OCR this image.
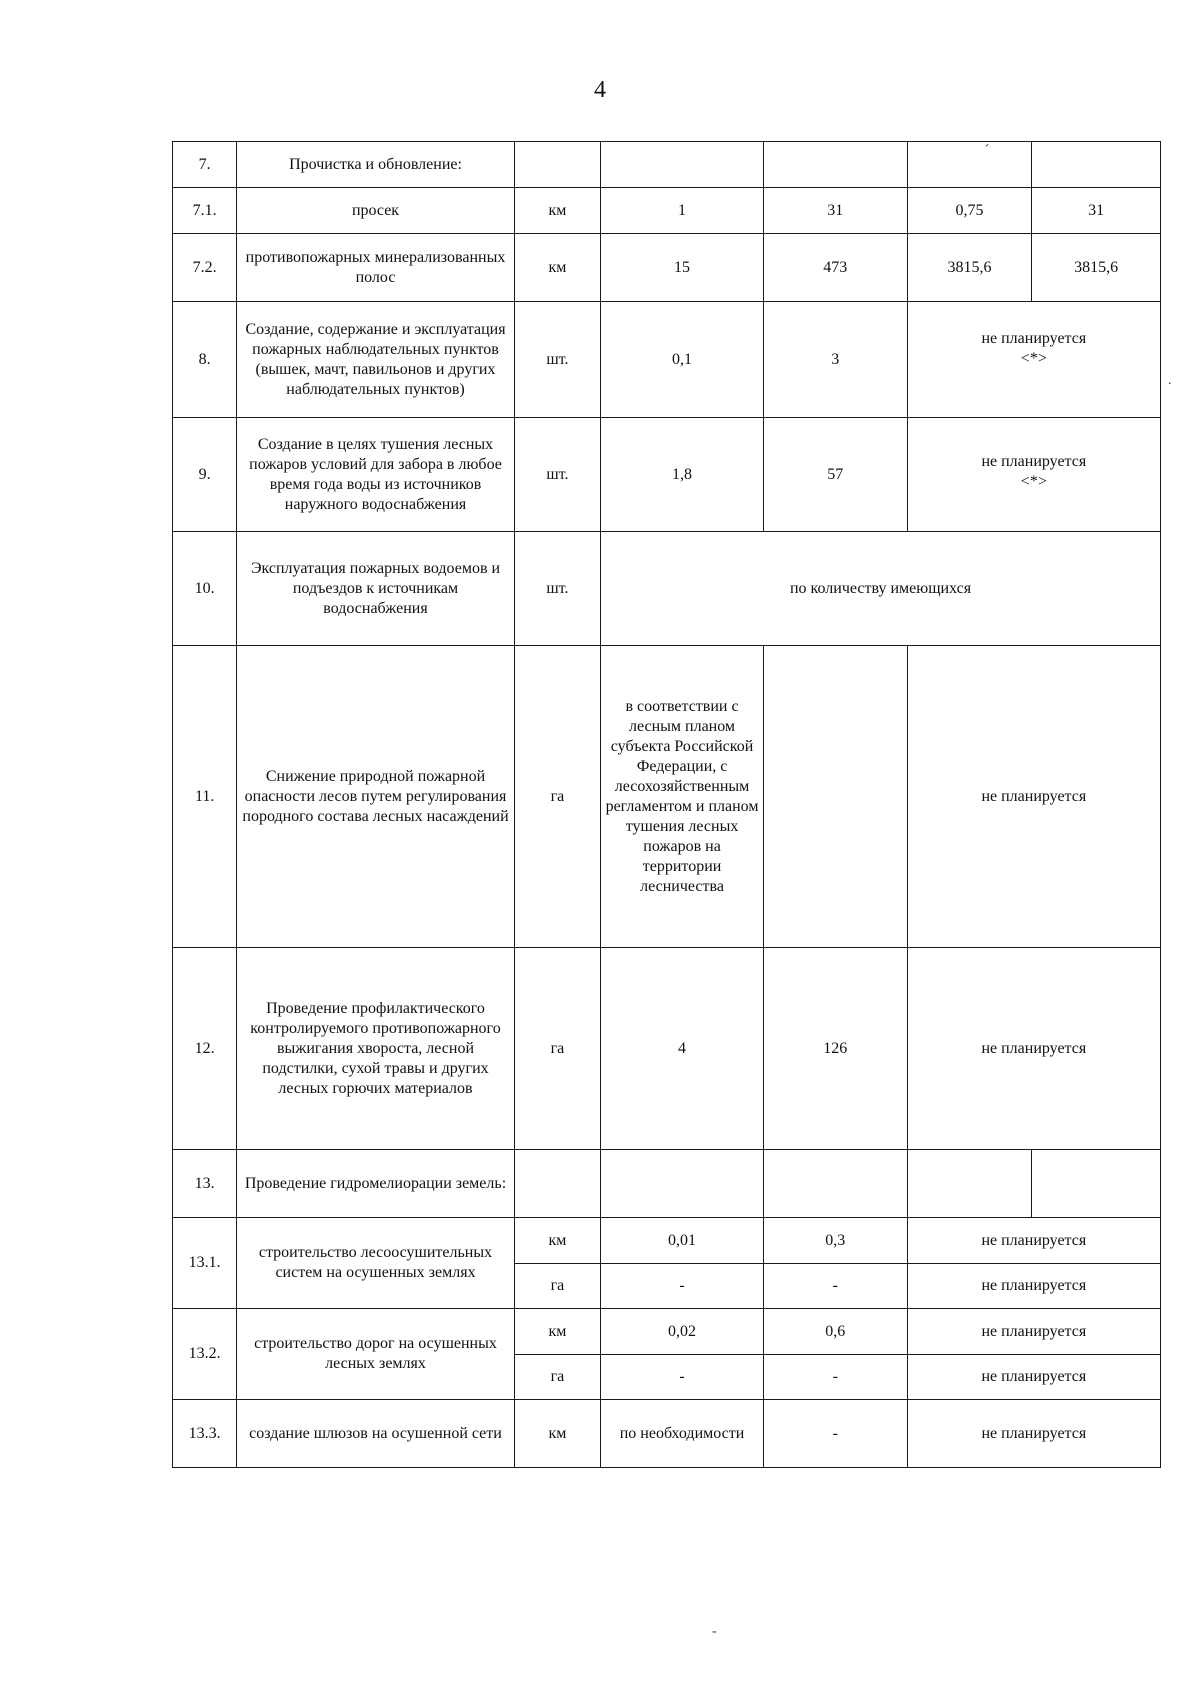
4
7.	Прочистка и обновление:				´	
7.1.	просек	км	1	31	0,75	31
7.2.	противопожарных минерализованных полос	км	15	473	3815,6	3815,6
8.	Создание, содержание и эксплуатация пожарных наблюдательных пунктов (вышек, мачт, павильонов и других наблюдательных пунктов)	шт.	0,1	3	не планируется
<*>	

9.	Создание в целях тушения лесных пожаров условий для забора в любое время года воды из источников наружного водоснабжения	шт.	1,8	57	не планируется
<*>	

10.	Эксплуатация пожарных водоемов и подъездов к источникам водоснабжения	шт.	по количеству имеющихся			
11.	Снижение природной пожарной опасности лесов путем регулирования породного состава лесных насаждений	га	в соответствии с лесным планом субъекта Российской Федерации, с лесохозяйственным регламентом и планом тушения лесных пожаров на территории лесничества		не планируется	
12.	Проведение профилактического контролируемого противопожарного выжигания хвороста, лесной подстилки, сухой травы и других лесных горючих материалов	га	4	126	не планируется	
13.	Проведение гидромелиорации земель:					
13.1.	строительство лесоосушительных систем на осушенных землях	км	0,01	0,3	не планируется	
		га	-	-	не планируется	
13.2.	строительство дорог на осушенных лесных землях	км	0,02	0,6	не планируется	
		га	-	-	не планируется	
13.3.	создание шлюзов на осушенной сети	км	по необходимости	-	не планируется	
.
-
